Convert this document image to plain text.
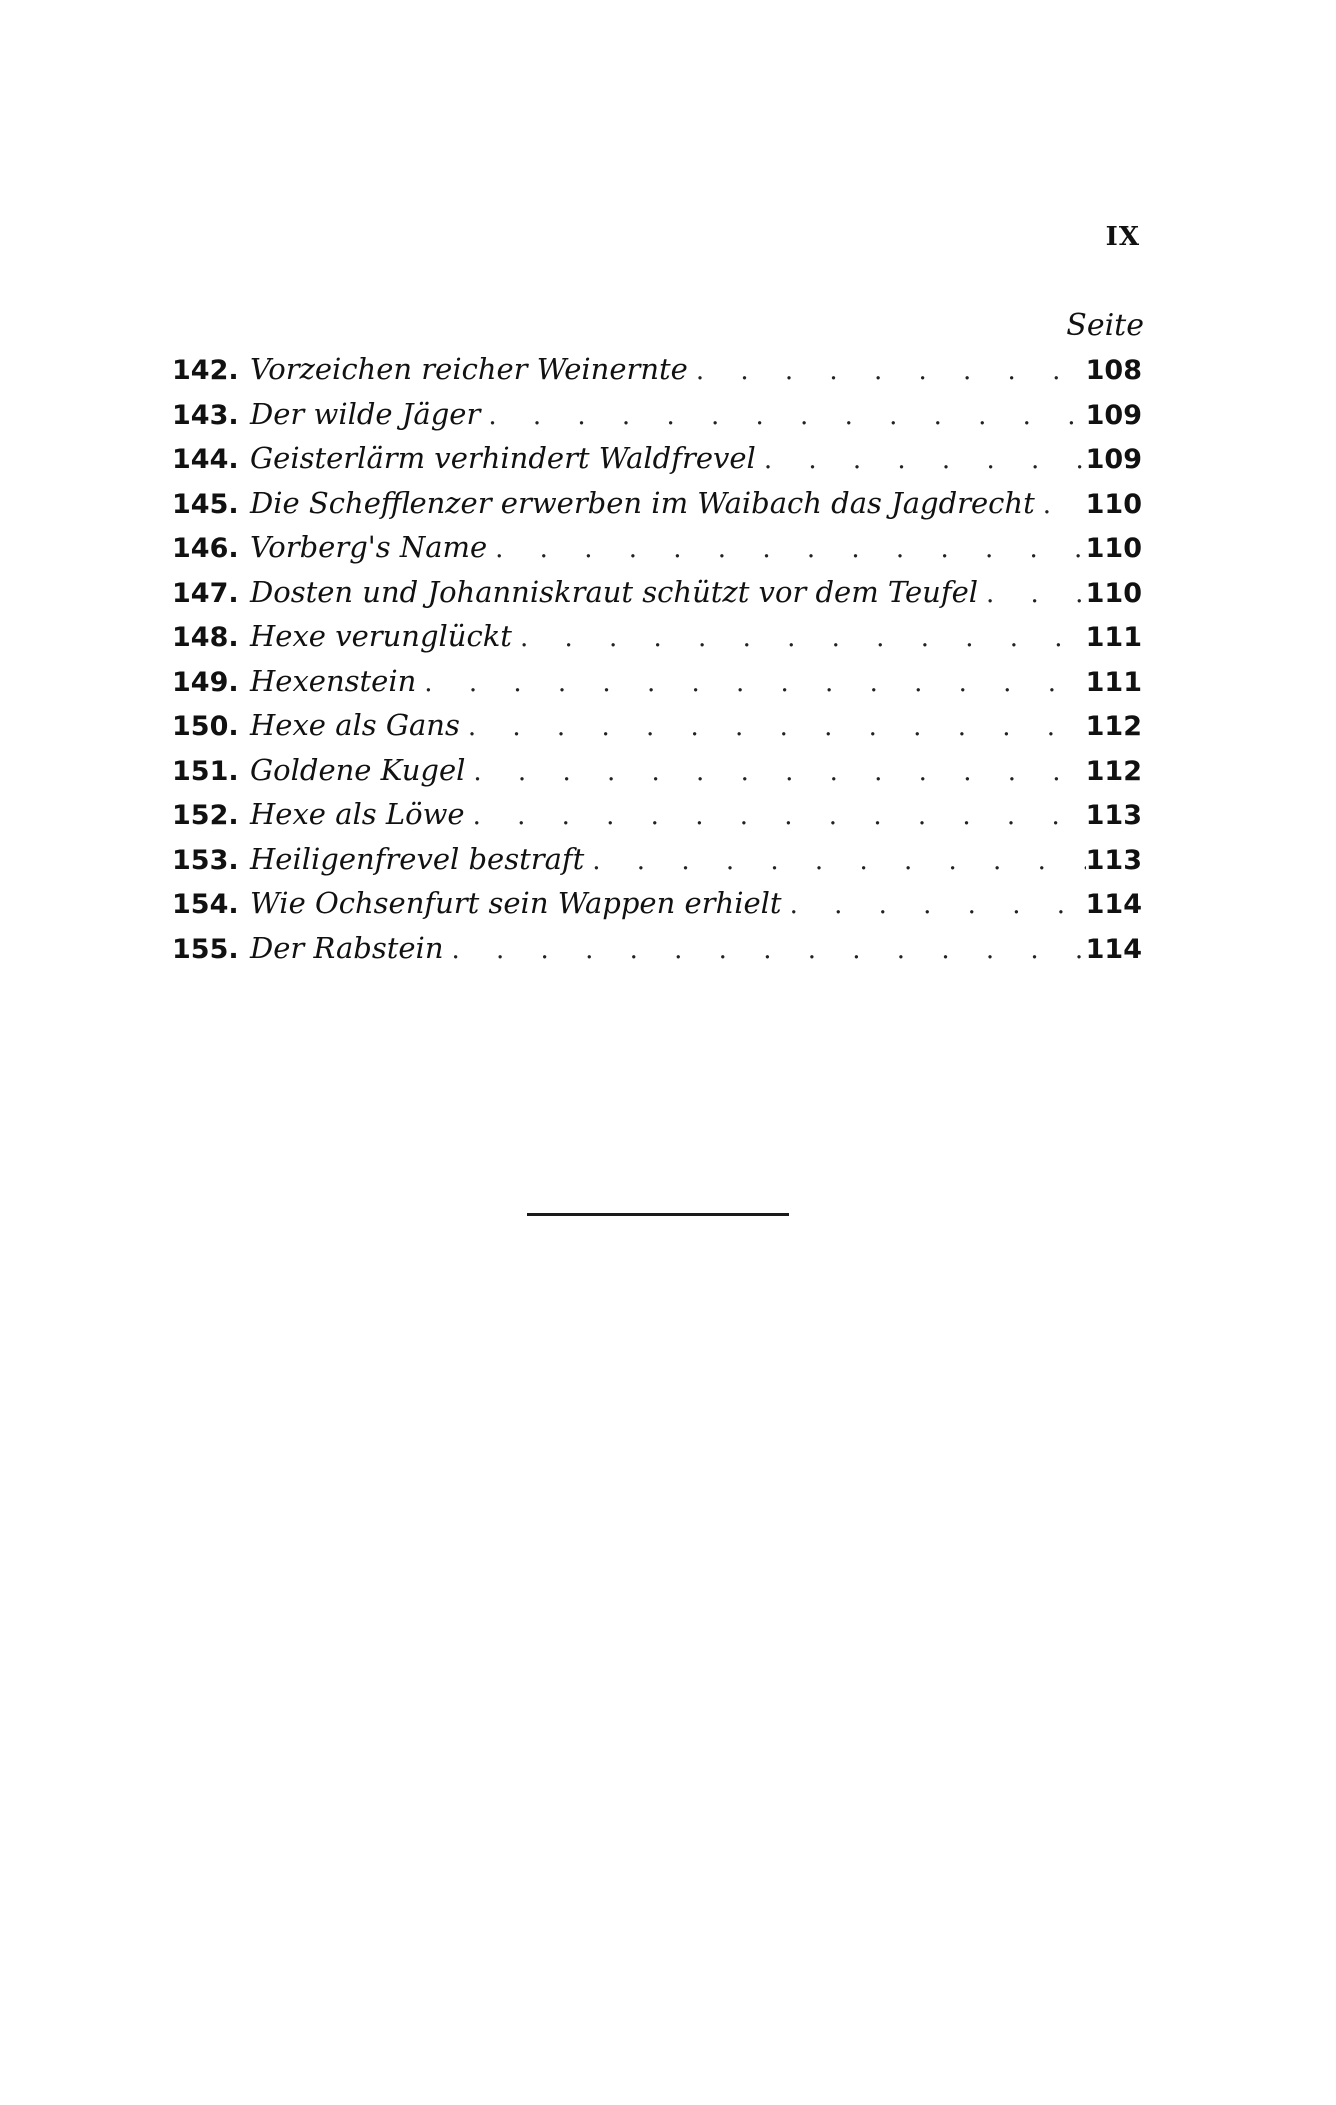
IX
Seite
142. Vorzeichen reicher Weinernte . . .	108
143. Der wilde Jäger . . .	109
144. Geisterlärm verhindert Waldfrevel . . .	109
145. Die Schefflenzer erwerben im Waibach das Jagdrecht . . . 110
146. Vorberg's Name . . .	110
147. Dosten und Johanniskraut schützt vor dem Teufel . . .	110
148. Hexe verunglückt . . .	111
149. Hexenstein . . .	111
150. Hexe als Gans . . .	112
151. Goldene Kugel . . .	112
152. Hexe als Löwe . . .	113
153. Heiligenfrevel bestraft . . .	113
154. Wie Ochsenfurt sein Wappen erhielt . . .	114
155. Der Rabstein . . .	114
